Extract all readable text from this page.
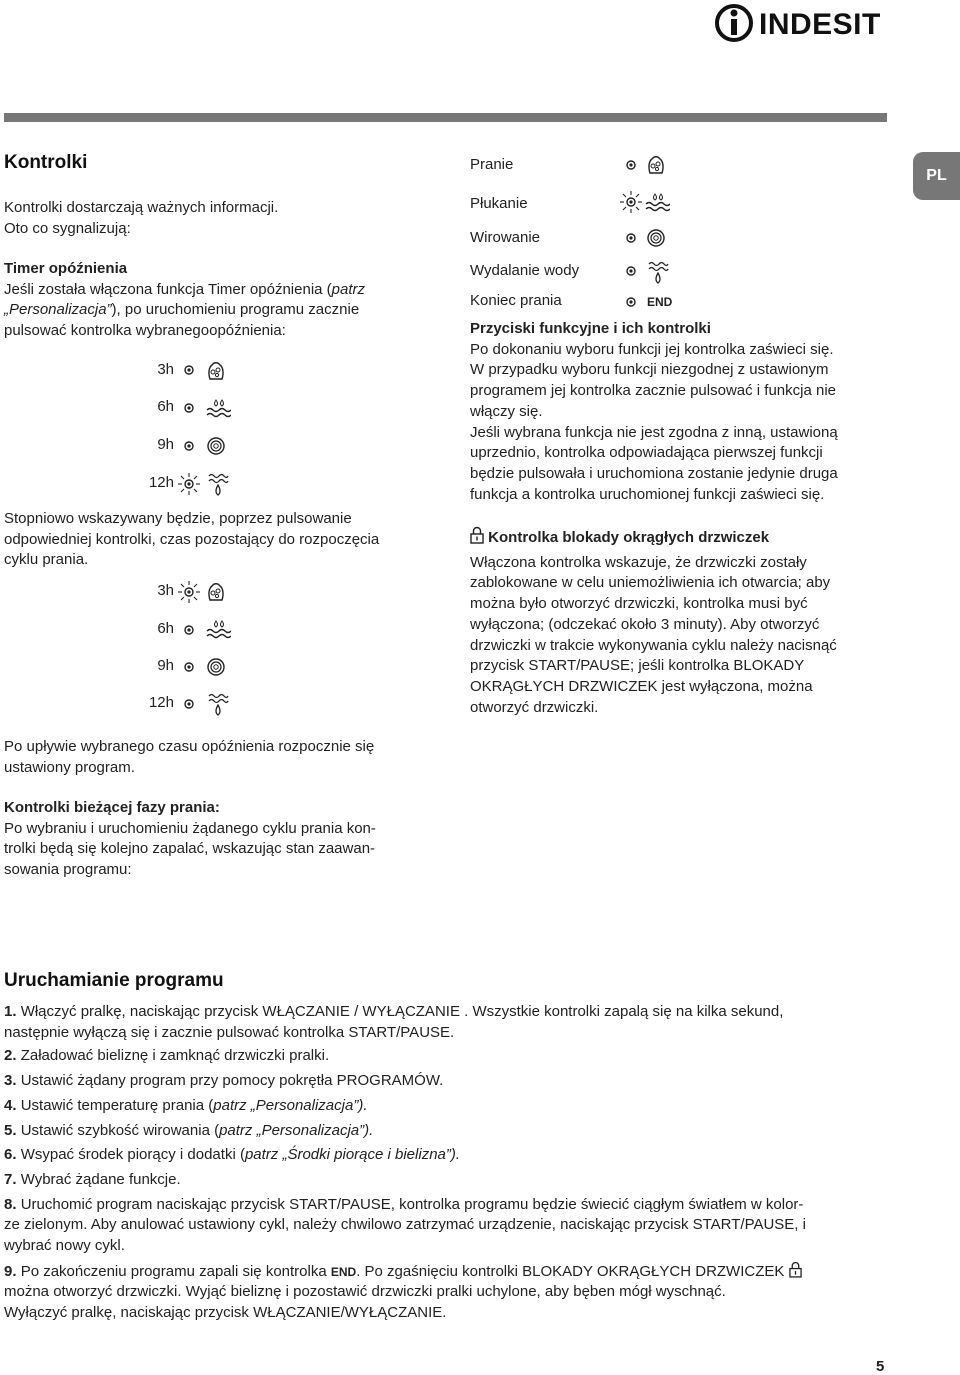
INDESIT
PL
Kontrolki
Kontrolki dostarczają ważnych informacji.
Oto co sygnalizują:
Timer opóźnienia
Jeśli została włączona funkcja Timer opóźnienia (patrz
„Personalizacja”), po uruchomieniu programu zacznie
pulsować kontrolka wybranegoopóźnienia:
3h
6h
9h
12h
Stopniowo wskazywany będzie, poprzez pulsowanie
odpowiedniej kontrolki, czas pozostający do rozpoczęcia
cyklu prania.
3h
6h
9h
12h
Po upływie wybranego czasu opóźnienia rozpocznie się
ustawiony program.
Kontrolki bieżącej fazy prania:
Po wybraniu i uruchomieniu żądanego cyklu prania kon-
trolki będą się kolejno zapalać, wskazując stan zaawan-
sowania programu:
Pranie
Płukanie
Wirowanie
Wydalanie wody
Koniec prania	END
Przyciski funkcyjne i ich kontrolki
Po dokonaniu wyboru funkcji jej kontrolka zaświeci się.
W przypadku wyboru funkcji niezgodnej z ustawionym
programem jej kontrolka zacznie pulsować i funkcja nie
włączy się.
Jeśli wybrana funkcja nie jest zgodna z inną, ustawioną
uprzednio, kontrolka odpowiadająca pierwszej funkcji
będzie pulsowała i uruchomiona zostanie jedynie druga
funkcja a kontrolka uruchomionej funkcji zaświeci się.
Kontrolka blokady okrągłych drzwiczek
Włączona kontrolka wskazuje, że drzwiczki zostały
zablokowane w celu uniemożliwienia ich otwarcia; aby
można było otworzyć drzwiczki, kontrolka musi być
wyłączona; (odczekać około 3 minuty). Aby otworzyć
drzwiczki w trakcie wykonywania cyklu należy nacisnąć
przycisk START/PAUSE; jeśli kontrolka BLOKADY
OKRĄGŁYCH DRZWICZEK jest wyłączona, można
otworzyć drzwiczki.
Uruchamianie programu
1. Włączyć pralkę, naciskając przycisk WŁĄCZANIE / WYŁĄCZANIE . Wszystkie kontrolki zapalą się na kilka sekund,
następnie wyłączą się i zacznie pulsować kontrolka START/PAUSE.
2. Załadować bieliznę i zamknąć drzwiczki pralki.
3. Ustawić żądany program przy pomocy pokrętła PROGRAMÓW.
4. Ustawić temperaturę prania (patrz „Personalizacja”).
5. Ustawić szybkość wirowania (patrz „Personalizacja”).
6. Wsypać środek piorący i dodatki (patrz „Środki piorące i bielizna”).
7. Wybrać żądane funkcje.
8. Uruchomić program naciskając przycisk START/PAUSE, kontrolka programu będzie świecić ciągłym światłem w kolor-
ze zielonym. Aby anulować ustawiony cykl, należy chwilowo zatrzymać urządzenie, naciskając przycisk START/PAUSE, i
wybrać nowy cykl.
9. Po zakończeniu programu zapali się kontrolka END. Po zgaśnięciu kontrolki BLOKADY OKRĄGŁYCH DRZWICZEK
można otworzyć drzwiczki. Wyjąć bieliznę i pozostawić drzwiczki pralki uchylone, aby bęben mógł wyschnąć.
Wyłączyć pralkę, naciskając przycisk WŁĄCZANIE/WYŁĄCZANIE.
5
